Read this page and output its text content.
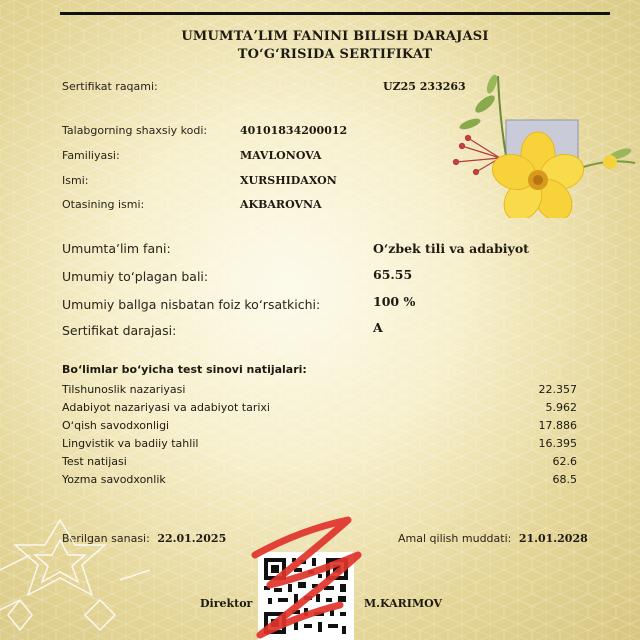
UMUMTAʼLIM FANINI BILISH DARAJASI
TOʻGʻRISIDA SERTIFIKAT
Sertifikat raqami:	UZ25 233263
Talabgorning shaxsiy kodi:	40101834200012
Familiyasi:	MAVLONOVA
Ismi:	XURSHIDAXON
Otasining ismi:	AKBAROVNA
Umumtaʼlim fani:	Oʻzbek tili va adabiyot
Umumiy toʻplagan bali:	65.55
Umumiy ballga nisbatan foiz koʻrsatkichi:	100 %
Sertifikat darajasi:	A
Boʻlimlar boʻyicha test sinovi natijalari:
Tilshunoslik nazariyasi	22.357
Adabiyot nazariyasi va adabiyot tarixi	5.962
Oʻqish savodxonligi	17.886
Lingvistik va badiiy tahlil	16.395
Test natijasi	62.6
Yozma savodxonlik	68.5
Berilgan sanasi: 22.01.2025	Amal qilish muddati: 21.01.2028
Direktor	M.KARIMOV
